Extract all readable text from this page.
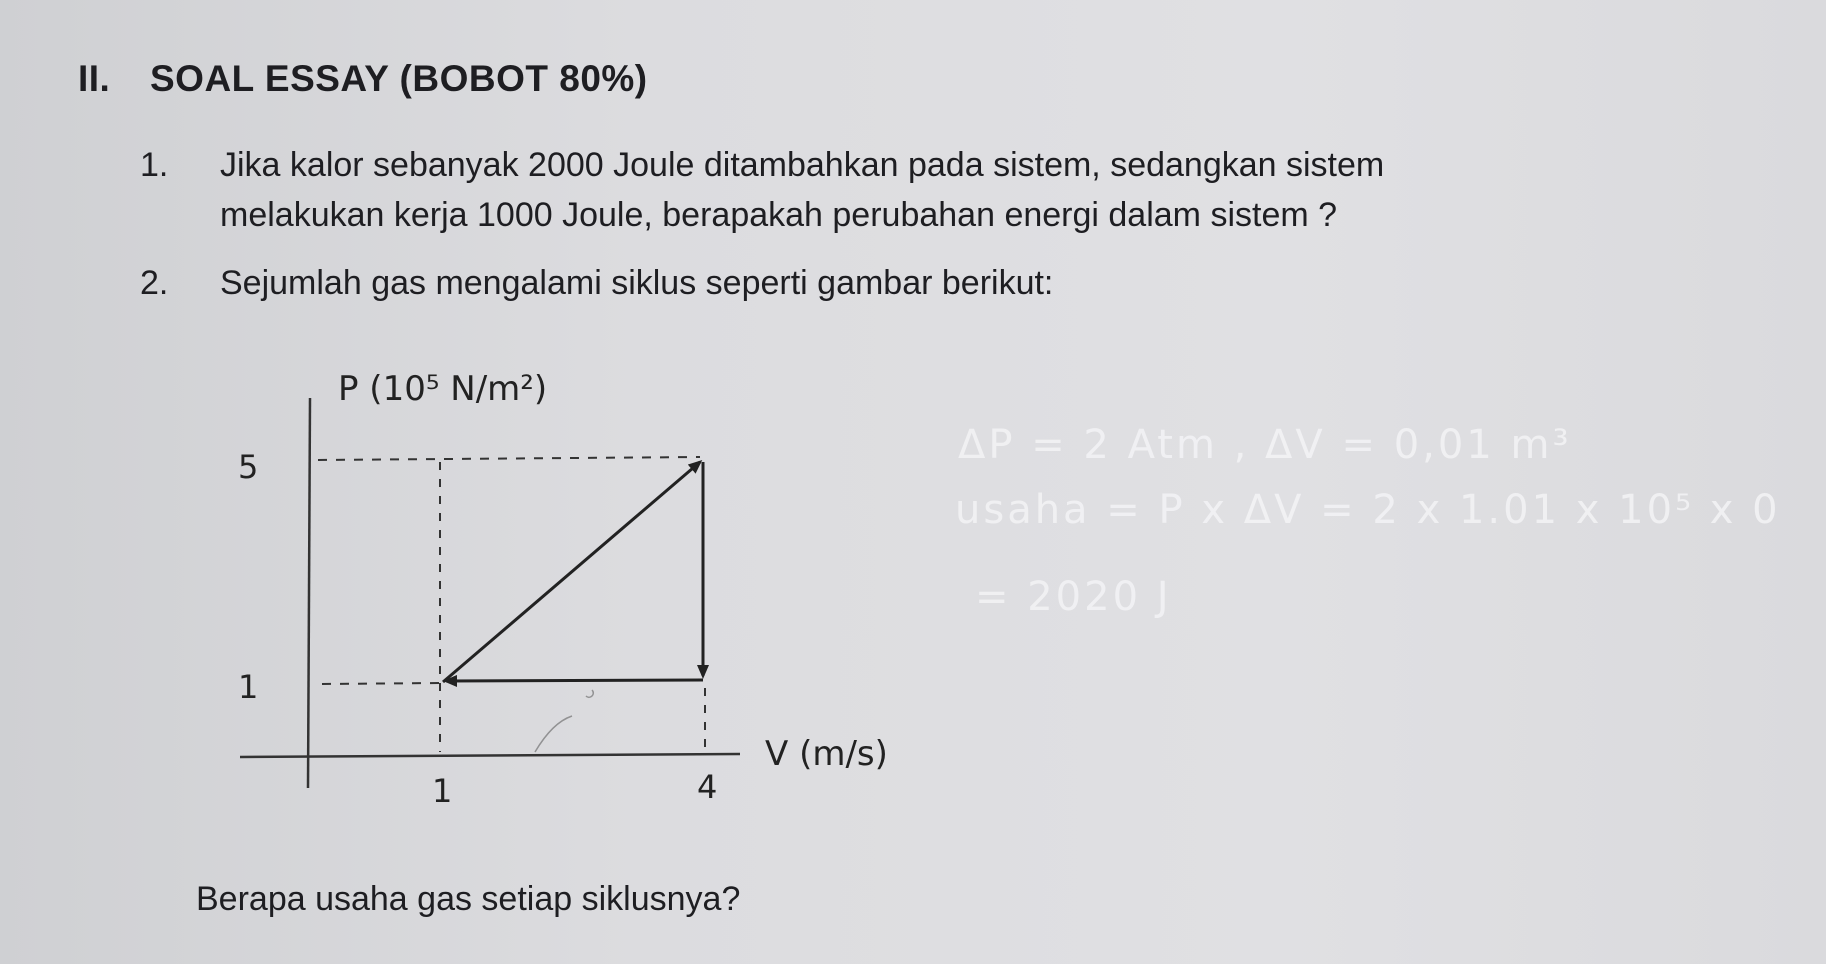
II. SOAL ESSAY (BOBOT 80%)
1. Jika kalor sebanyak 2000 Joule ditambahkan pada sistem, sedangkan sistem
melakukan kerja 1000 Joule, berapakah perubahan energi dalam sistem ?
2. Sejumlah gas mengalami siklus seperti gambar berikut:
P (10⁵ N/m²)
V (m/s)
5
1
1	4
ΔP = 2 Atm , ΔV = 0,01 m³
usaha = P x ΔV = 2 x 1.01 x 10⁵ x 0
= 2020 J
Berapa usaha gas setiap siklusnya?
